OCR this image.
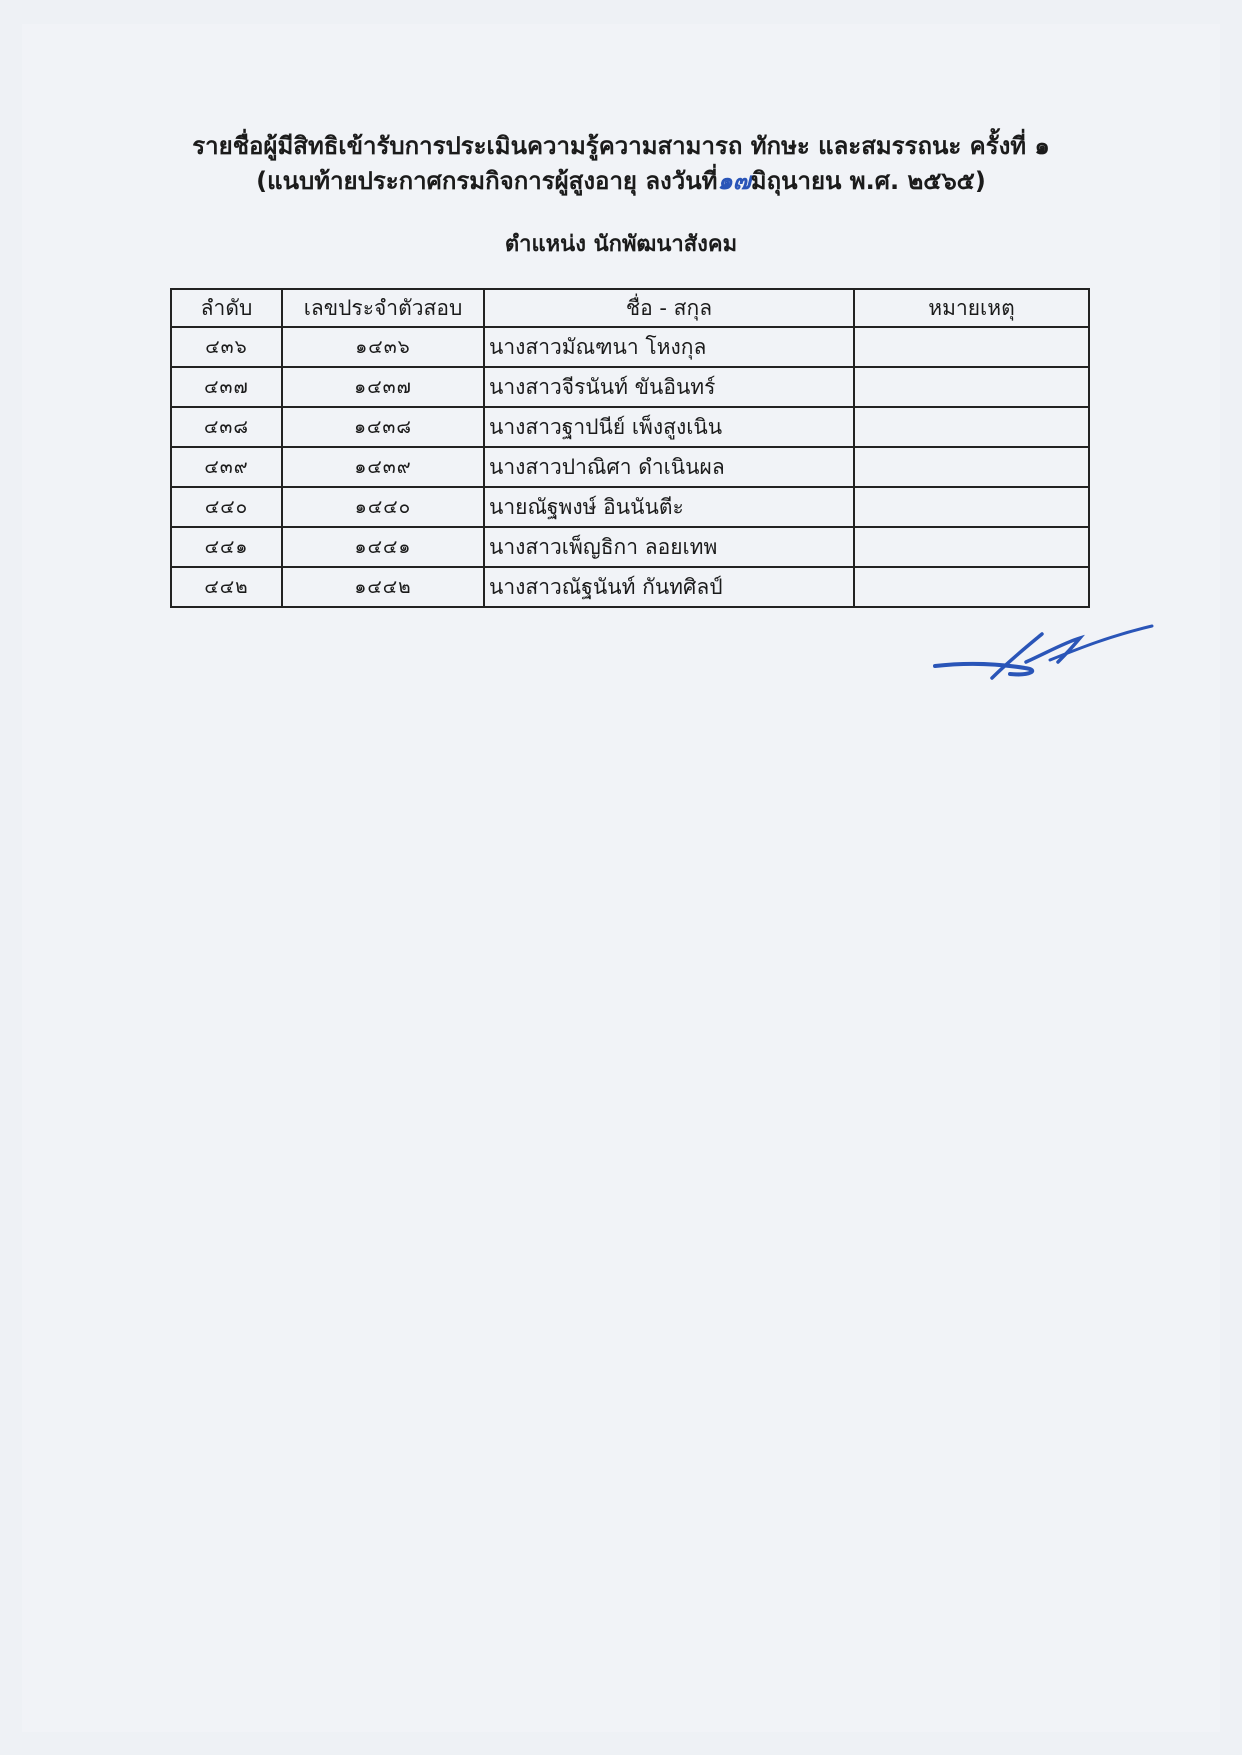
รายชื่อผู้มีสิทธิเข้ารับการประเมินความรู้ความสามารถ ทักษะ และสมรรถนะ ครั้งที่ ๑
(แนบท้ายประกาศกรมกิจการผู้สูงอายุ ลงวันที่๑๗มิถุนายน พ.ศ. ๒๕๖๕)
ตำแหน่ง นักพัฒนาสังคม
ลำดับ	เลขประจำตัวสอบ	ชื่อ - สกุล	หมายเหตุ
๔๓๖	๑๔๓๖	นางสาวมัณฑนา โหงกุล	
๔๓๗	๑๔๓๗	นางสาวจีรนันท์ ขันอินทร์	
๔๓๘	๑๔๓๘	นางสาวฐาปนีย์ เพ็งสูงเนิน	
๔๓๙	๑๔๓๙	นางสาวปาณิศา ดำเนินผล	
๔๔๐	๑๔๔๐	นายณัฐพงษ์ อินนันตีะ	
๔๔๑	๑๔๔๑	นางสาวเพ็ญธิกา ลอยเทพ	
๔๔๒	๑๔๔๒	นางสาวณัฐนันท์ กันทศิลป์	
